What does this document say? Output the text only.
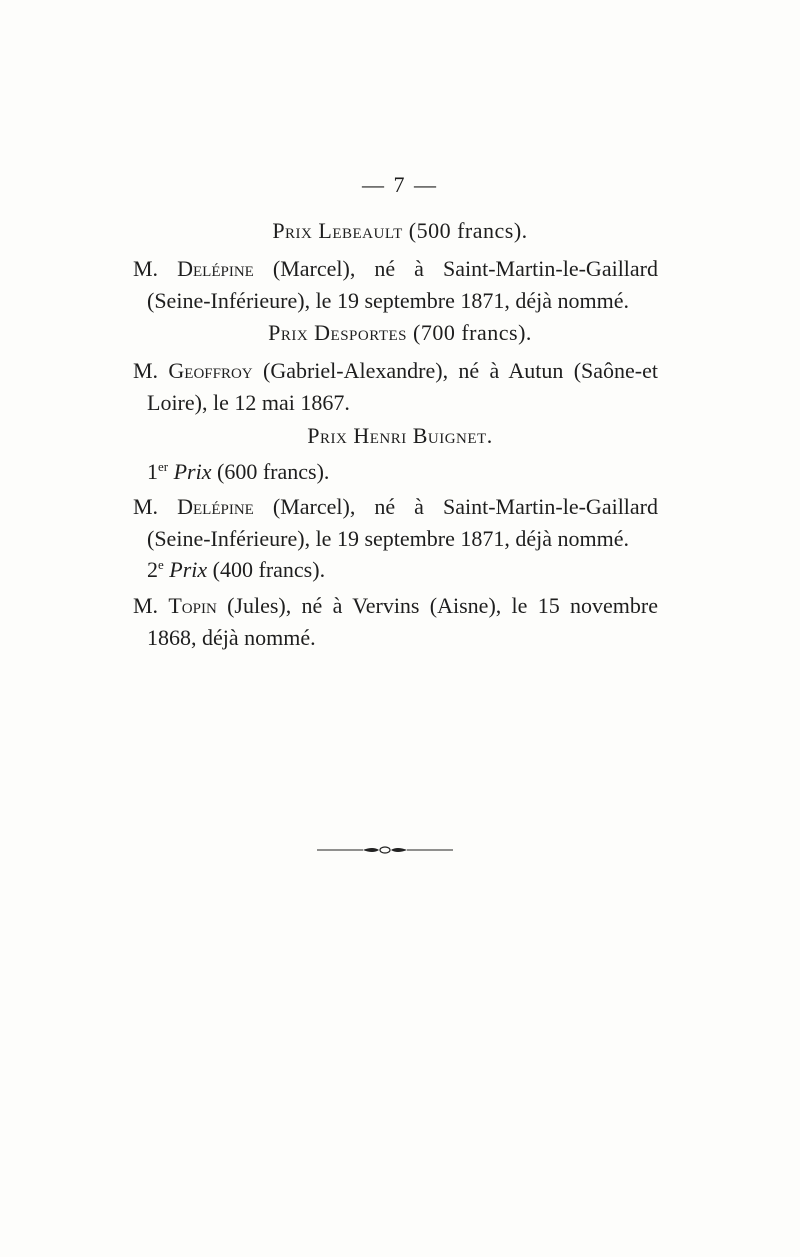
— 7 —
Prix Lebeault (500 francs).
M. Delépine (Marcel), né à Saint-Martin-le-Gaillard
(Seine-Inférieure), le 19 septembre 1871, déjà nommé.
Prix Desportes (700 francs).
M. Geoffroy (Gabriel-Alexandre), né à Autun (Saône-et
Loire), le 12 mai 1867.
Prix Henri Buignet.
1er Prix (600 francs).
M. Delépine (Marcel), né à Saint-Martin-le-Gaillard
(Seine-Inférieure), le 19 septembre 1871, déjà nommé.
2e Prix (400 francs).
M. Topin (Jules), né à Vervins (Aisne), le 15 novembre
1868, déjà nommé.
